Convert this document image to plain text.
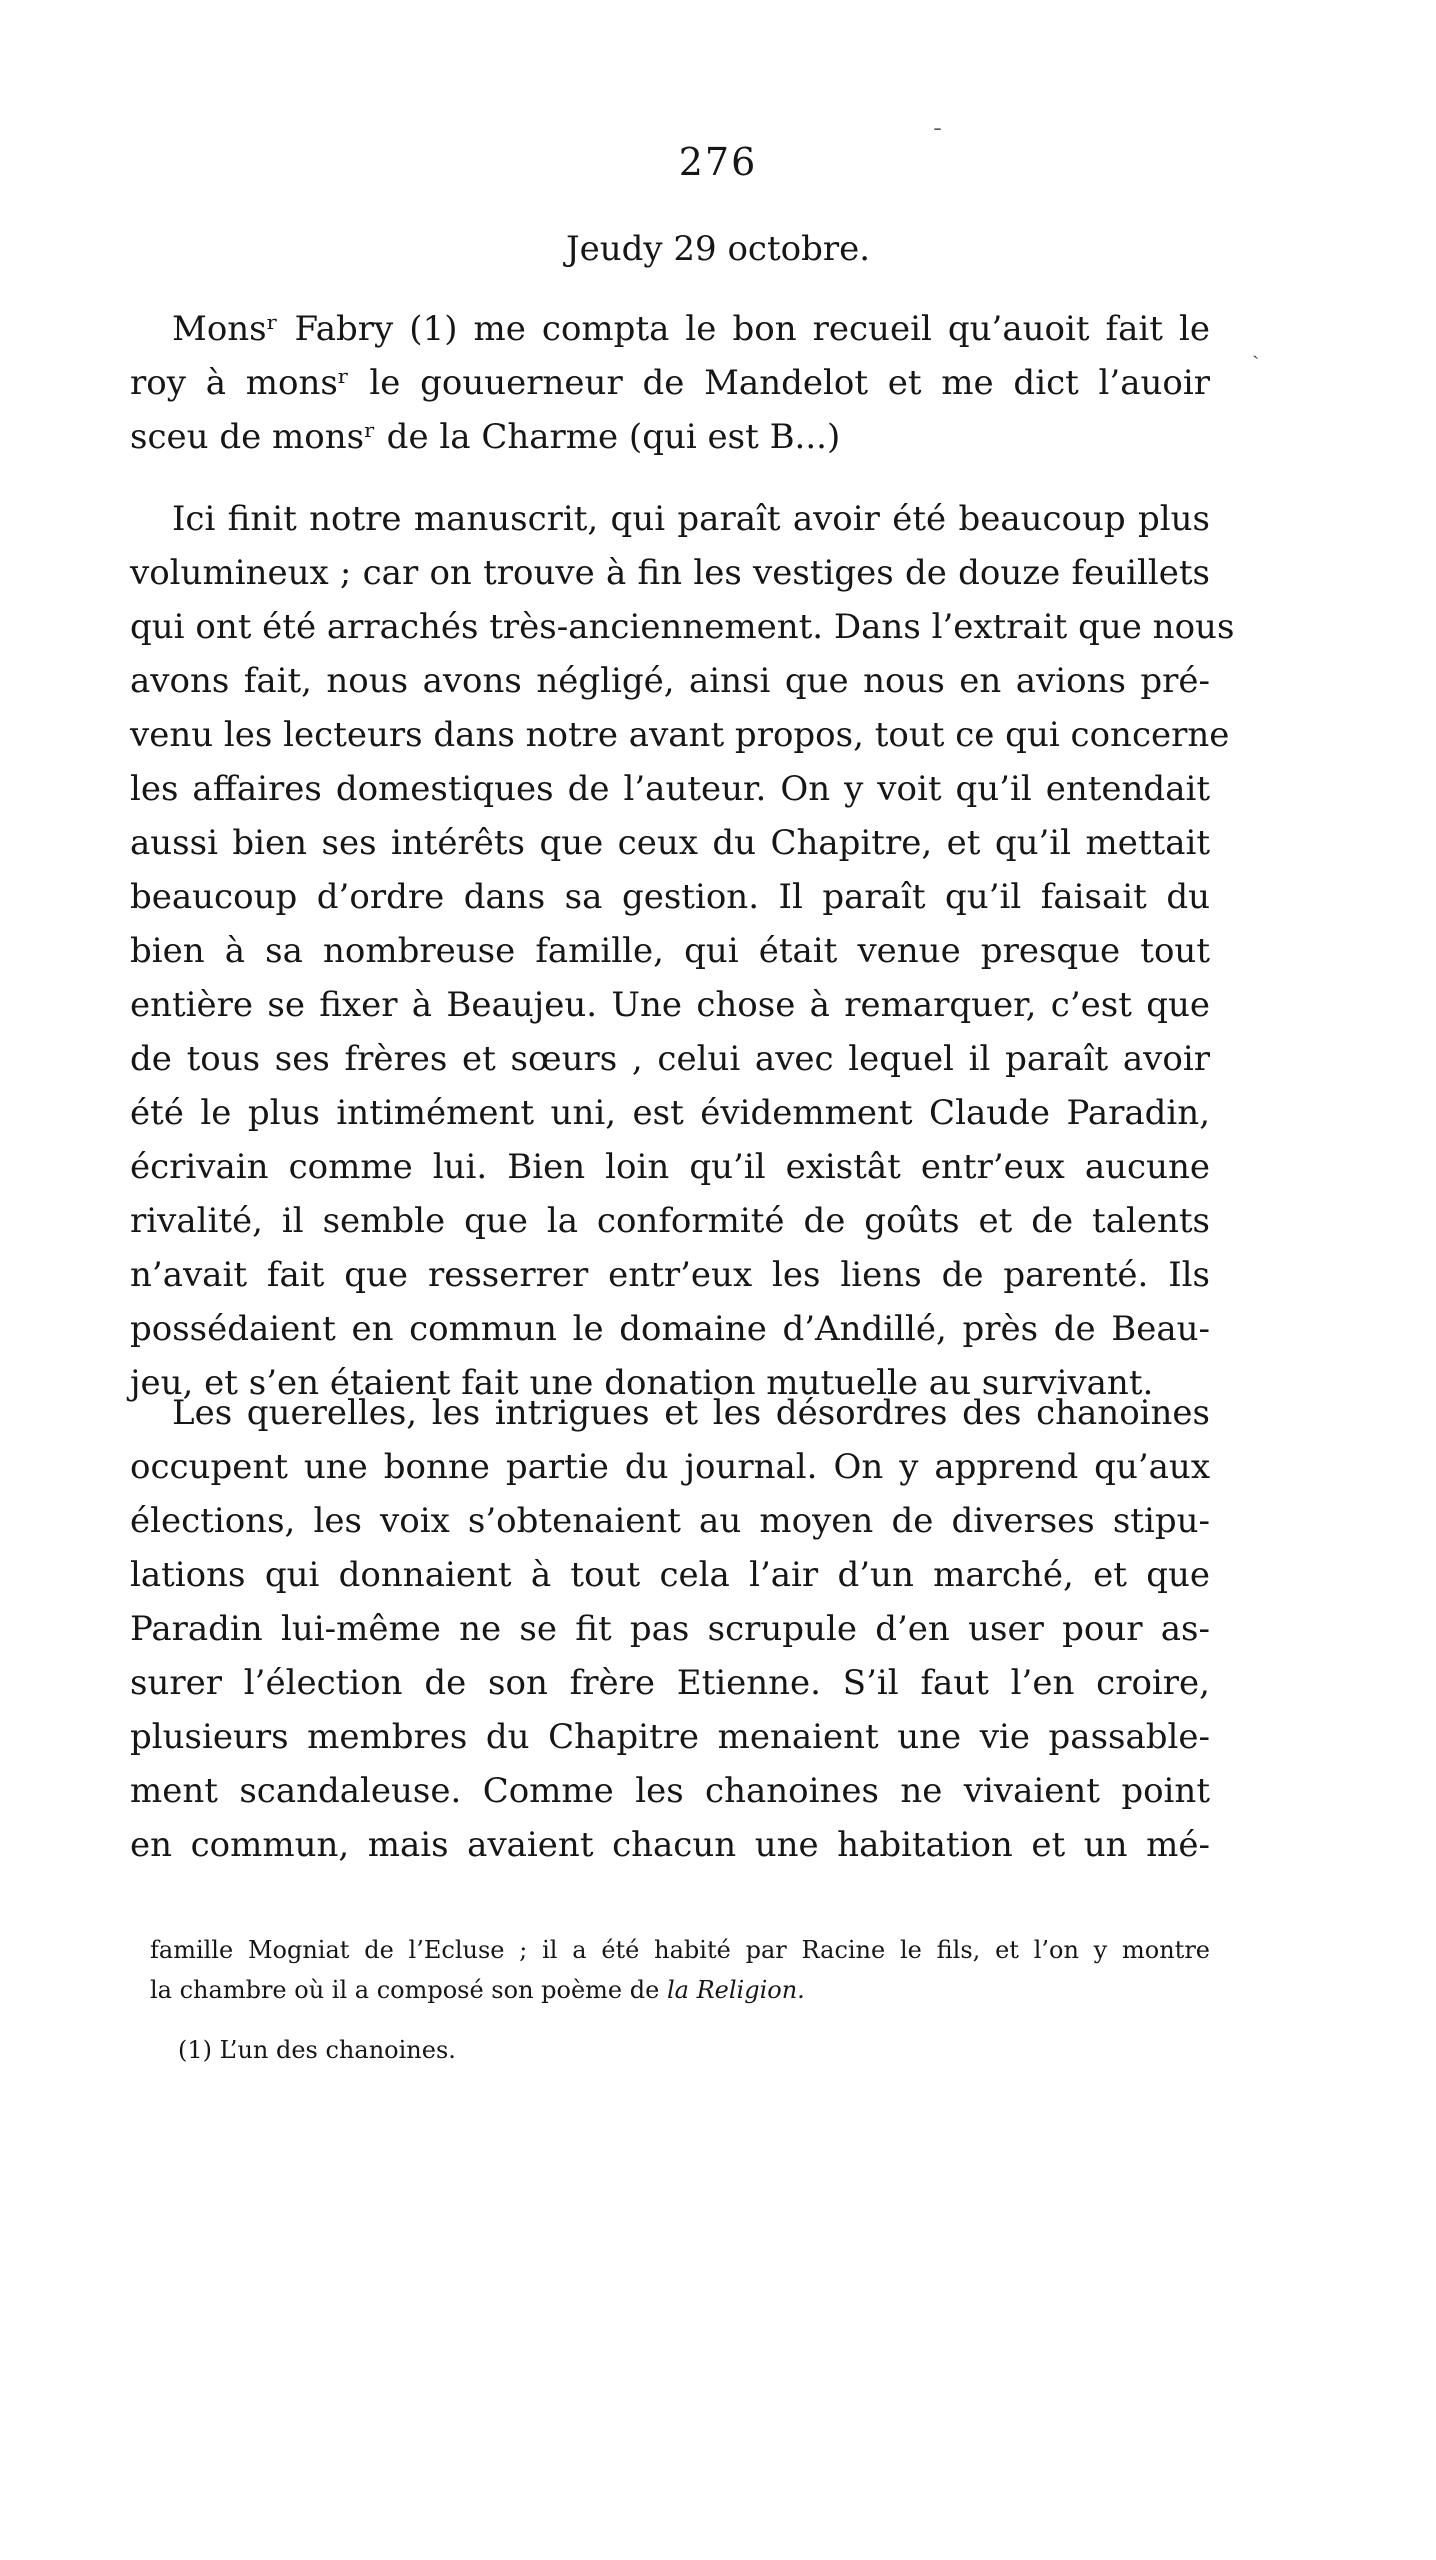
ˉ
276
Jeudy 29 octobre.
Monsʳ Fabry (1) me compta le bon recueil qu’auoit fait le
roy à monsʳ le gouuerneur de Mandelot et me dict l’auoir
sceu de monsʳ de la Charme (qui est B...)
Ici finit notre manuscrit, qui paraît avoir été beaucoup plus
volumineux ; car on trouve à fin les vestiges de douze feuillets
qui ont été arrachés très-anciennement. Dans l’extrait que nous
avons fait, nous avons négligé, ainsi que nous en avions pré-
venu les lecteurs dans notre avant propos, tout ce qui concerne
les affaires domestiques de l’auteur. On y voit qu’il entendait
aussi bien ses intérêts que ceux du Chapitre, et qu’il mettait
beaucoup d’ordre dans sa gestion. Il paraît qu’il faisait du
bien à sa nombreuse famille, qui était venue presque tout
entière se fixer à Beaujeu. Une chose à remarquer, c’est que
de tous ses frères et sœurs , celui avec lequel il paraît avoir
été le plus intimément uni, est évidemment Claude Paradin,
écrivain comme lui. Bien loin qu’il existât entr’eux aucune
rivalité, il semble que la conformité de goûts et de talents
n’avait fait que resserrer entr’eux les liens de parenté. Ils
possédaient en commun le domaine d’Andillé, près de Beau-
jeu, et s’en étaient fait une donation mutuelle au survivant.
Les querelles, les intrigues et les désordres des chanoines
occupent une bonne partie du journal. On y apprend qu’aux
élections, les voix s’obtenaient au moyen de diverses stipu-
lations qui donnaient à tout cela l’air d’un marché, et que
Paradin lui-même ne se fit pas scrupule d’en user pour as-
surer l’élection de son frère Etienne. S’il faut l’en croire,
plusieurs membres du Chapitre menaient une vie passable-
ment scandaleuse. Comme les chanoines ne vivaient point
en commun, mais avaient chacun une habitation et un mé-
ˏ
famille Mogniat de l’Ecluse ; il a été habité par Racine le fils, et l’on y montre
la chambre où il a composé son poème de la Religion.
(1) L’un des chanoines.
